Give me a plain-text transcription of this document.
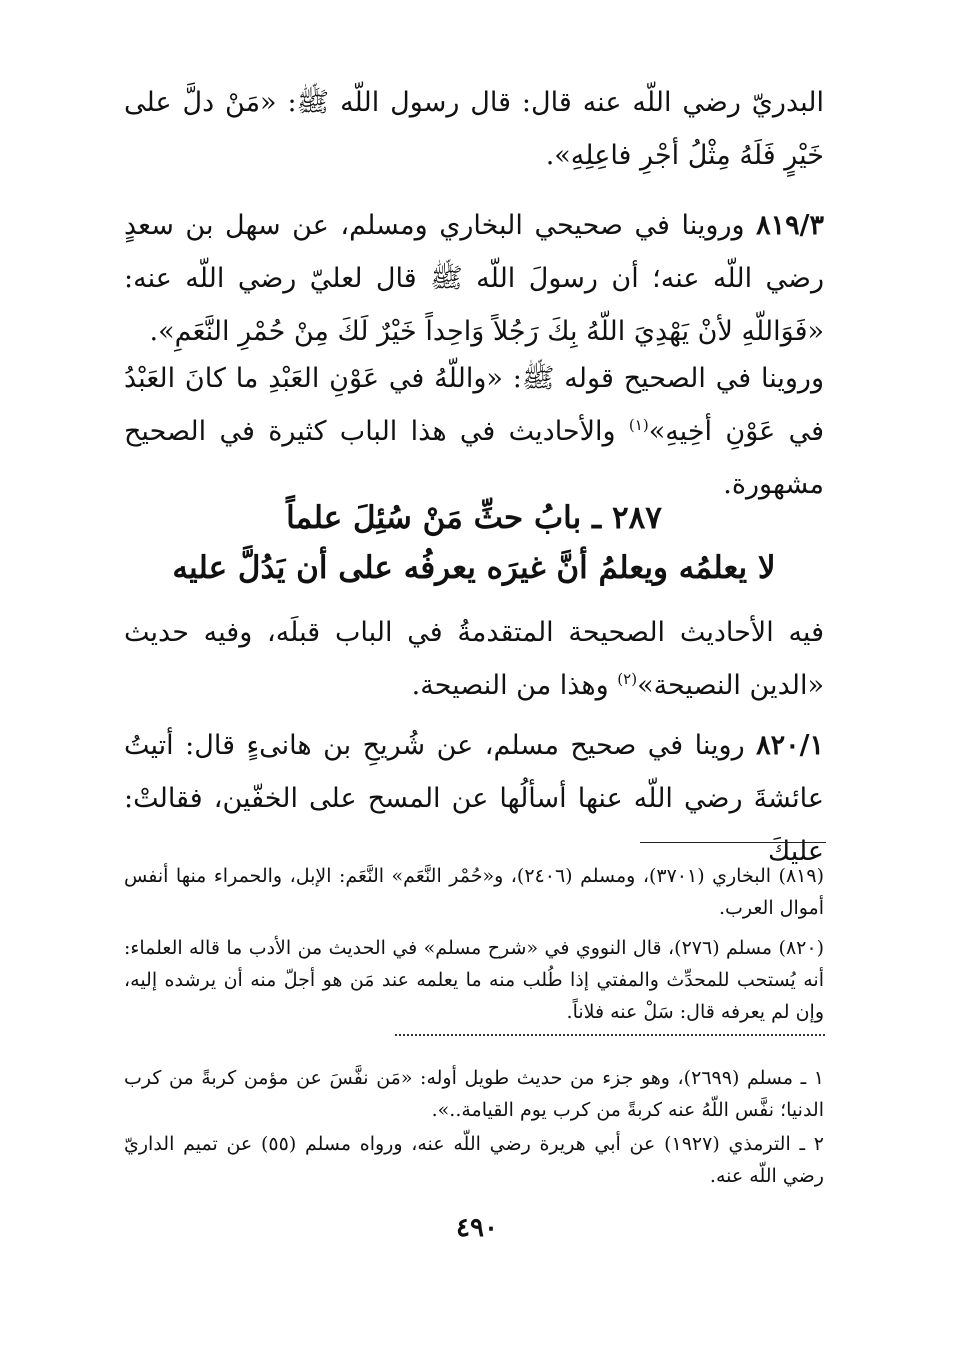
البدريّ رضي اللّه عنه قال: قال رسول اللّه ﷺ: «مَنْ دلَّ على خَيْرٍ فَلَهُ مِثْلُ أجْرِ فاعِلِهِ».

٨١٩/٣ وروينا في صحيحي البخاري ومسلم، عن سهل بن سعدٍ رضي اللّه عنه؛ أن رسولَ اللّه ﷺ قال لعليّ رضي اللّه عنه: «فَوَاللّهِ لأنْ يَهْدِيَ اللّهُ بِكَ رَجُلاً وَاحِداً خَيْرٌ لَكَ مِنْ حُمْرِ النَّعَمِ».

وروينا في الصحيح قوله ﷺ: «واللّهُ في عَوْنِ العَبْدِ ما كانَ العَبْدُ في عَوْنِ أخِيهِ»$^{(١)}$ والأحاديث في هذا الباب كثيرة في الصحيح مشهورة.

٢٨٧ ـ بابُ حثِّ مَنْ سُئِلَ علماً
لا يعلمُه ويعلمُ أنَّ غيرَه يعرفُه على أن يَدُلَّ عليه

فيه الأحاديث الصحيحة المتقدمةُ في الباب قبلَه، وفيه حديث «الدين النصيحة»$^{(٢)}$ وهذا من النصيحة.

٨٢٠/١ روينا في صحيح مسلم، عن شُريحِ بن هانىءٍ قال: أتيتُ عائشةَ رضي اللّه عنها أسألُها عن المسح على الخفّين، فقالتْ: عليكَ

(٨١٩) البخاري (٣٧٠١)، ومسلم (٢٤٠٦)، و«حُمْر النَّعَم» النَّعَم: الإبل، والحمراء منها أنفس أموال العرب.

(٨٢٠) مسلم (٢٧٦)، قال النووي في «شرح مسلم» في الحديث من الأدب ما قاله العلماء: أنه يُستحب للمحدِّث والمفتي إذا طُلب منه ما يعلمه عند مَن هو أجلّ منه أن يرشده إليه، وإن لم يعرفه قال: سَلْ عنه فلاناً.

١ ـ مسلم (٢٦٩٩)، وهو جزء من حديث طويل أوله: «مَن نفَّسَ عن مؤمن كربةً من كرب الدنيا؛ نفَّس اللّهُ عنه كربةً من كرب يوم القيامة..».

٢ ـ الترمذي (١٩٢٧) عن أبي هريرة رضي اللّه عنه، ورواه مسلم (٥٥) عن تميم الداريّ رضي اللّه عنه.

٤٩٠
